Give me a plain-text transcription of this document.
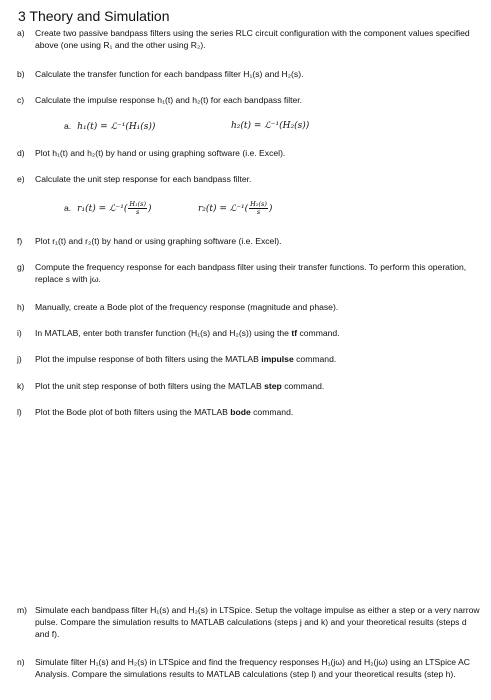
3 Theory and Simulation
a)	Create two passive bandpass filters using the series RLC circuit configuration with the component values specified above (one using R₁ and the other using R₂).
b)	Calculate the transfer function for each bandpass filter H₁(s) and H₂(s).
c)	Calculate the impulse response h₁(t) and h₂(t) for each bandpass filter.
a. h₁(t) = ℒ⁻¹(H₁(s))	h₂(t) = ℒ⁻¹(H₂(s))
d)	Plot h₁(t) and h₂(t) by hand or using graphing software (i.e. Excel).
e)	Calculate the unit step response for each bandpass filter.
a. r₁(t) = ℒ⁻¹( $\frac{\text{H₁(s)}}{s}$ )	r₂(t) = ℒ⁻¹( $\frac{\text{H₂(s)}}{s}$ )
f)	Plot r₁(t) and r₂(t) by hand or using graphing software (i.e. Excel).
g)	Compute the frequency response for each bandpass filter using their transfer functions. To perform this operation, replace s with jω.
h)	Manually, create a Bode plot of the frequency response (magnitude and phase).
i)	In MATLAB, enter both transfer function (H₁(s) and H₂(s)) using the tf command.
j)	Plot the impulse response of both filters using the MATLAB impulse command.
k)	Plot the unit step response of both filters using the MATLAB step command.
l)	Plot the Bode plot of both filters using the MATLAB bode command.
m) Simulate each bandpass filter H₁(s) and H₂(s) in LTSpice. Setup the voltage impulse as either a step or a very narrow pulse. Compare the simulation results to MATLAB calculations (steps j and k) and your theoretical results (steps d and f).
n)	Simulate filter H₁(s) and H₂(s) in LTSpice and find the frequency responses H₁(jω) and H₂(jω) using an LTSpice AC Analysis. Compare the simulations results to MATLAB calculations (step l) and your theoretical results (step h).
